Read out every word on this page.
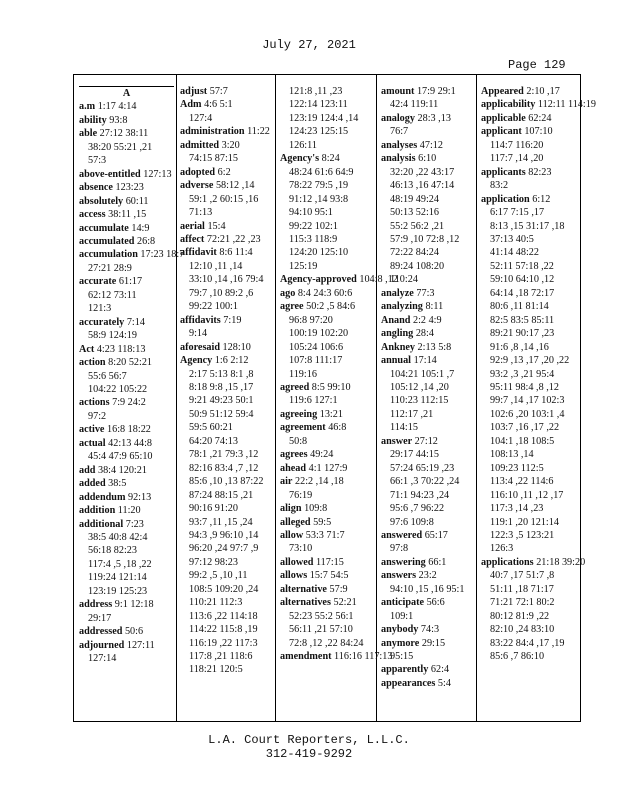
July 27, 2021
Page 129
A
a.m 1:17 4:14
ability 93:8
able 27:12 38:11
38:20 55:21 ,21
57:3
above-entitled 127:13
absence 123:23
absolutely 60:11
access 38:11 ,15
accumulate 14:9
accumulated 26:8
accumulation 17:23 18:7
27:21 28:9
accurate 61:17
62:12 73:11
121:3
accurately 7:14
58:9 124:19
Act 4:23 118:13
action 8:20 52:21
55:6 56:7
104:22 105:22
actions 7:9 24:2
97:2
active 16:8 18:22
actual 42:13 44:8
45:4 47:9 65:10
add 38:4 120:21
added 38:5
addendum 92:13
addition 11:20
additional 7:23
38:5 40:8 42:4
56:18 82:23
117:4 ,5 ,18 ,22
119:24 121:14
123:19 125:23
address 9:1 12:18
29:17
addressed 50:6
adjourned 127:11
127:14
adjust 57:7
Adm 4:6 5:1
127:4
administration 11:22
admitted 3:20
74:15 87:15
adopted 6:2
adverse 58:12 ,14
59:1 ,2 60:15 ,16
71:13
aerial 15:4
affect 72:21 ,22 ,23
affidavit 8:6 11:4
12:10 ,11 ,14
33:10 ,14 ,16 79:4
79:7 ,10 89:2 ,6
99:22 100:1
affidavits 7:19
9:14
aforesaid 128:10
Agency 1:6 2:12
2:17 5:13 8:1 ,8
8:18 9:8 ,15 ,17
9:21 49:23 50:1
50:9 51:12 59:4
59:5 60:21
64:20 74:13
78:1 ,21 79:3 ,12
82:16 83:4 ,7 ,12
85:6 ,10 ,13 87:22
87:24 88:15 ,21
90:16 91:20
93:7 ,11 ,15 ,24
94:3 ,9 96:10 ,14
96:20 ,24 97:7 ,9
97:12 98:23
99:2 ,5 ,10 ,11
108:5 109:20 ,24
110:21 112:3
113:6 ,22 114:18
114:22 115:8 ,19
116:19 ,22 117:3
117:8 ,21 118:6
118:21 120:5
121:8 ,11 ,23
122:14 123:11
123:19 124:4 ,14
124:23 125:15
126:11
Agency's 8:24
48:24 61:6 64:9
78:22 79:5 ,19
91:12 ,14 93:8
94:10 95:1
99:22 102:1
115:3 118:9
124:20 125:10
125:19
Agency-approved 104:8 ,12
ago 8:4 24:3 60:6
agree 50:2 ,5 84:6
96:8 97:20
100:19 102:20
105:24 106:6
107:8 111:17
119:16
agreed 8:5 99:10
119:6 127:1
agreeing 13:21
agreement 46:8
50:8
agrees 49:24
ahead 4:1 127:9
air 22:2 ,14 ,18
76:19
align 109:8
alleged 59:5
allow 53:3 71:7
73:10
allowed 117:15
allows 15:7 54:5
alternative 57:9
alternatives 52:21
52:23 55:2 56:1
56:11 ,21 57:10
72:8 ,12 ,22 84:24
amendment 116:16 117:13
amount 17:9 29:1
42:4 119:11
analogy 28:3 ,13
76:7
analyses 47:12
analysis 6:10
32:20 ,22 43:17
46:13 ,16 47:14
48:19 49:24
50:13 52:16
55:2 56:2 ,21
57:9 ,10 72:8 ,12
72:22 84:24
89:24 108:20
110:24
analyze 77:3
analyzing 8:11
Anand 2:2 4:9
angling 28:4
Ankney 2:13 5:8
annual 17:14
104:21 105:1 ,7
105:12 ,14 ,20
110:23 112:15
112:17 ,21
114:15
answer 27:12
29:17 44:15
57:24 65:19 ,23
66:1 ,3 70:22 ,24
71:1 94:23 ,24
95:6 ,7 96:22
97:6 109:8
answered 65:17
97:8
answering 66:1
answers 23:2
94:10 ,15 ,16 95:1
anticipate 56:6
109:1
anybody 74:3
anymore 29:15
95:15
apparently 62:4
appearances 5:4
Appeared 2:10 ,17
applicability 112:11 114:19
applicable 62:24
applicant 107:10
114:7 116:20
117:7 ,14 ,20
applicants 82:23
83:2
application 6:12
6:17 7:15 ,17
8:13 ,15 31:17 ,18
37:13 40:5
41:14 48:22
52:11 57:18 ,22
59:10 64:10 ,12
64:14 ,18 72:17
80:6 ,11 81:14
82:5 83:5 85:11
89:21 90:17 ,23
91:6 ,8 ,14 ,16
92:9 ,13 ,17 ,20 ,22
93:2 ,3 ,21 95:4
95:11 98:4 ,8 ,12
99:7 ,14 ,17 102:3
102:6 ,20 103:1 ,4
103:7 ,16 ,17 ,22
104:1 ,18 108:5
108:13 ,14
109:23 112:5
113:4 ,22 114:6
116:10 ,11 ,12 ,17
117:3 ,14 ,23
119:1 ,20 121:14
122:3 ,5 123:21
126:3
applications 21:18 39:20
40:7 ,17 51:7 ,8
51:11 ,18 71:17
71:21 72:1 80:2
80:12 81:9 ,22
82:10 ,24 83:10
83:22 84:4 ,17 ,19
85:6 ,7 86:10
L.A. Court Reporters, L.L.C.
312-419-9292
